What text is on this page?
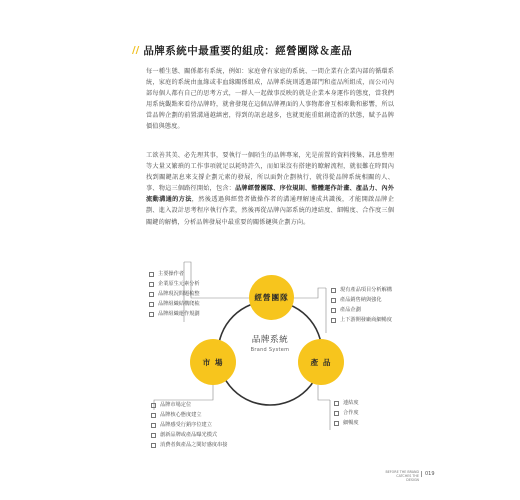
// 品牌系統中最重要的組成：經營團隊＆產品

每一種生態、關係都有系統，例如：家庭會有家庭的系統、一間企業有企業內部的循環系統，家庭的系統由血緣或非血緣關係組成，品牌系統則透過部門和產品所組成，而公司內部每個人都有自己的思考方式，一群人一起做事反映的就是企業本身運作的態度，當我們用系統觀點來看待品牌時，就會發現在這個品牌裡面的人事物都會互相牽動和影響，所以當品牌企劃的前置溝通越縝密，得到的訊息越多，也就更能重組創造新的狀態，賦予品牌價值與態度。

工欲善其美、必先理其事，要執行一個陌生的品牌專案，光是前置的資料搜集、訊息整理等大量又繁瑣的工作事項就足以耗時許久，而如果沒有搭建的瞭解流程，就很難在時間內找到關鍵訊息來支撐企劃元素的發展，所以面對企劃執行，就得從品牌系統相關的人、事、物這三個路徑開始，包含：品牌經營團隊、序位規則、整體運作計畫、產品力、內外流動溝通的方法，然後透過與經營者做操作者的溝通理解達成共識後，才能開啟品牌企劃、進入設計思考程序執行作業，然後再從品牌內部系統的連結度、細暢度、合作度三個關鍵的解構，分析品牌發展中最重要的關係鏈與企劃方向。

經營團隊
市 場	產 品
品牌系統
Brand System
主要操作者
企業原生元素分析
品牌現況問題梳整
品牌組織結構爬梳
品牌組織運作規劃
現有產品項目分析解構
產品銷售納與強化
產品企劃
上下游開發廠商細暢度
品牌市場定位
品牌核心態度建立
品牌感受行銷序位建立
創新品牌或產品曝光模式
消費者與產品之間好感度串接
連結度
合作度
細暢度
BEFORE THE BRAND
CATCHES THE DESIGN
019
